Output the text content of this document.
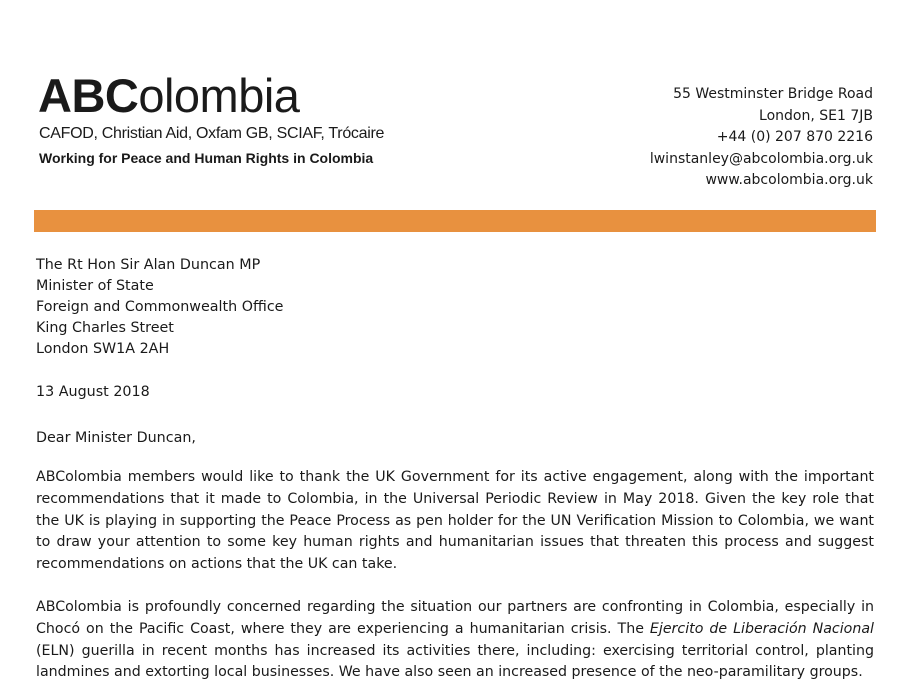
ABColombia
CAFOD, Christian Aid, Oxfam GB, SCIAF, Trócaire
Working for Peace and Human Rights in Colombia
55 Westminster Bridge Road
London, SE1 7JB
+44 (0) 207 870 2216
lwinstanley@abcolombia.org.uk
www.abcolombia.org.uk
The Rt Hon Sir Alan Duncan MP
Minister of State
Foreign and Commonwealth Office
King Charles Street
London SW1A 2AH
13 August 2018
Dear Minister Duncan,
ABColombia members would like to thank the UK Government for its active engagement, along with the important recommendations that it made to Colombia, in the Universal Periodic Review in May 2018. Given the key role that the UK is playing in supporting the Peace Process as pen holder for the UN Verification Mission to Colombia, we want to draw your attention to some key human rights and humanitarian issues that threaten this process and suggest recommendations on actions that the UK can take.
ABColombia is profoundly concerned regarding the situation our partners are confronting in Colombia, especially in Chocó on the Pacific Coast, where they are experiencing a humanitarian crisis. The Ejercito de Liberación Nacional (ELN) guerilla in recent months has increased its activities there, including: exercising territorial control, planting landmines and extorting local businesses. We have also seen an increased presence of the neo-paramilitary groups.
